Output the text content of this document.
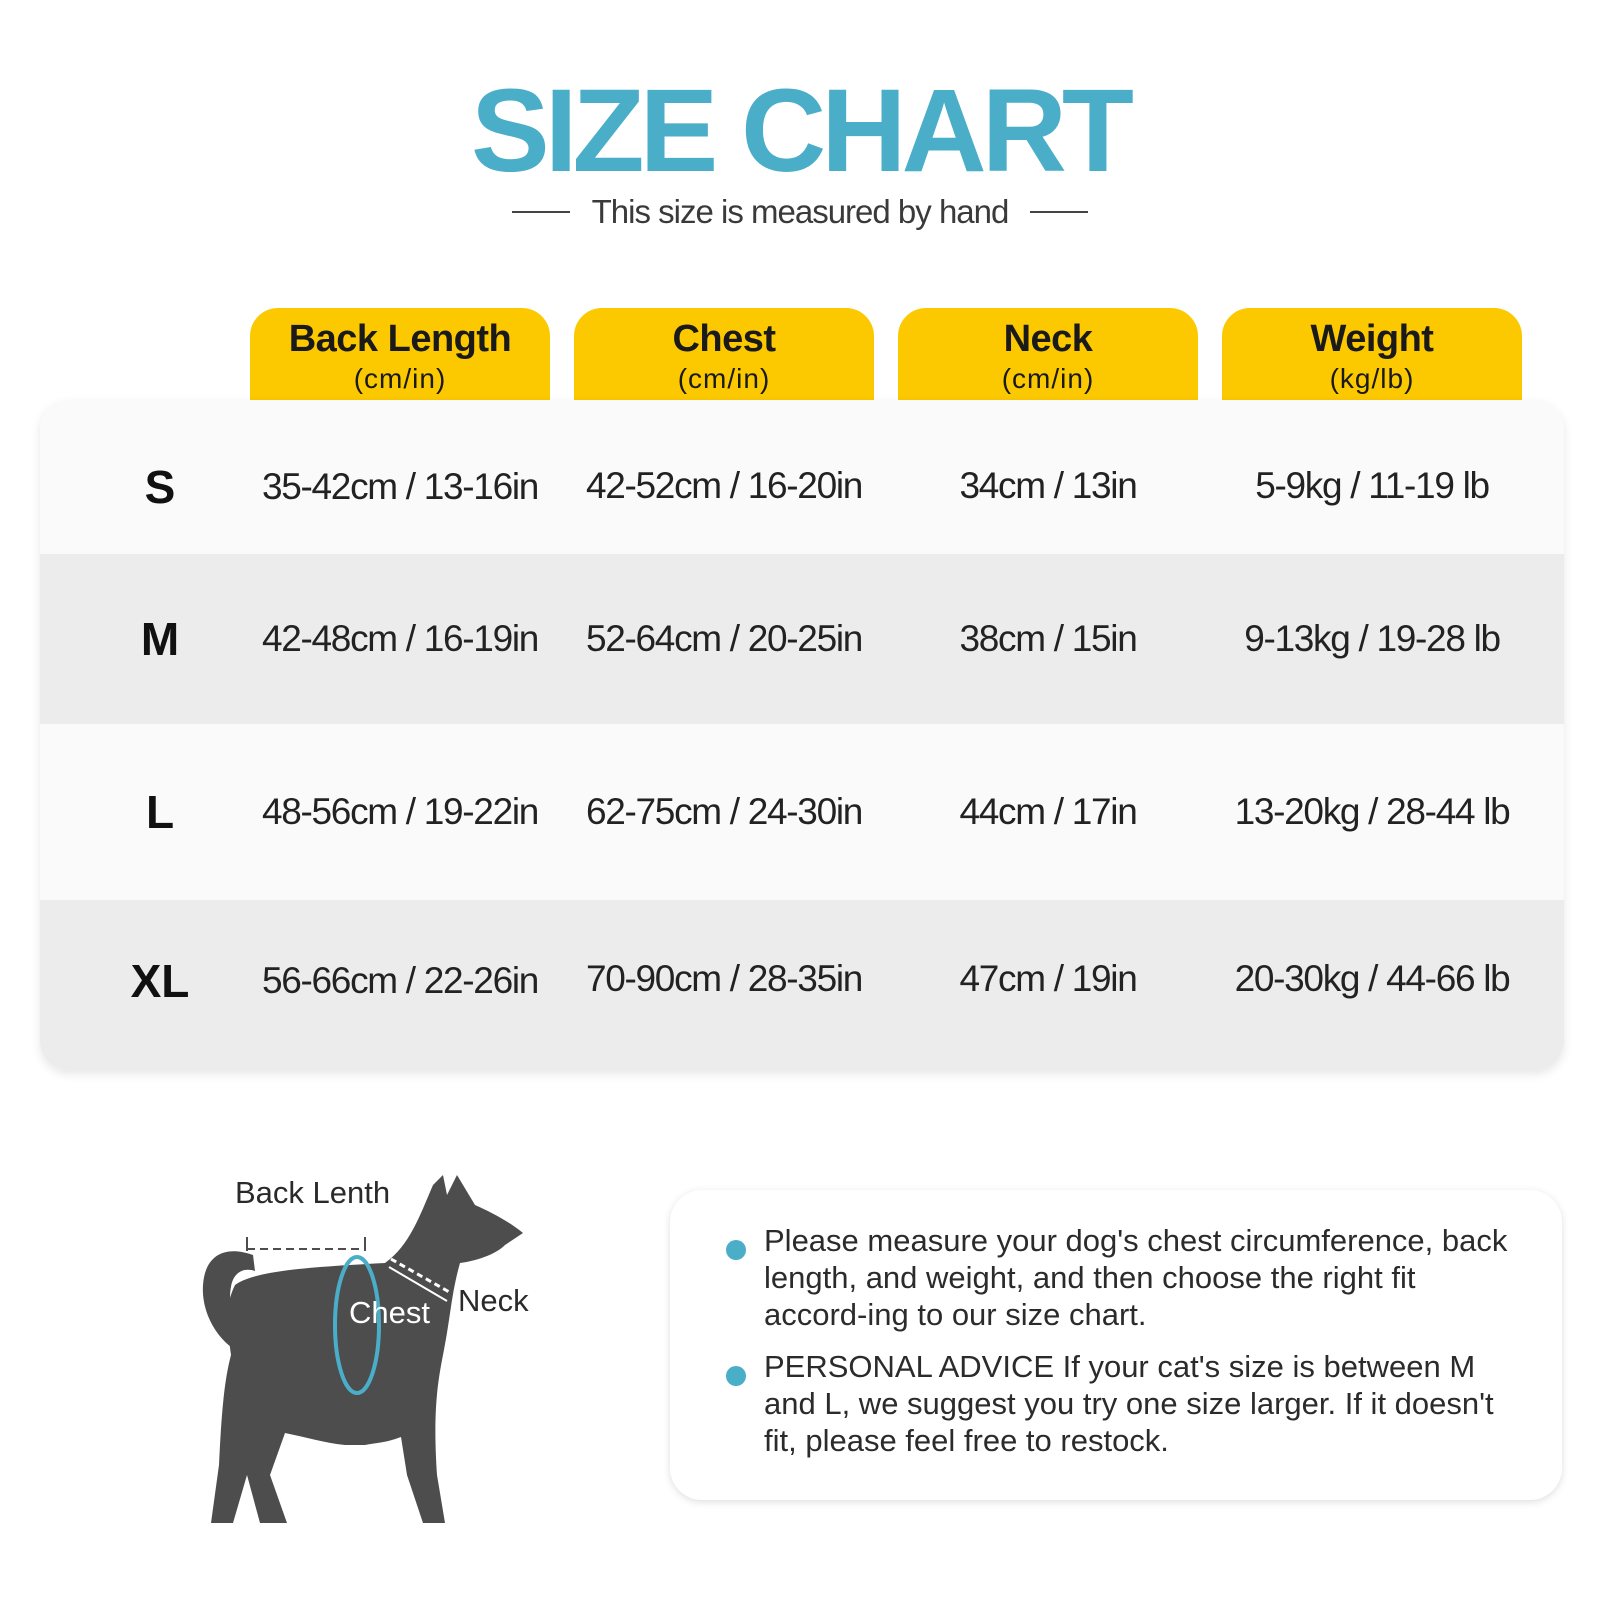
SIZE CHART
This size is measured by hand
Back Length
(cm/in)
Chest
(cm/in)
Neck
(cm/in)
Weight
(kg/lb)
S	35-42cm / 13-16in	42-52cm / 16-20in	34cm / 13in	5-9kg / 11-19 lb
M	42-48cm / 16-19in	52-64cm / 20-25in	38cm / 15in	9-13kg / 19-28 lb
L	48-56cm / 19-22in	62-75cm / 24-30in	44cm / 17in	13-20kg / 28-44 lb
XL	56-66cm / 22-26in	70-90cm / 28-35in	47cm / 19in	20-30kg / 44-66 lb
Back Lenth
Chest Neck
Please measure your dog's chest circumference, back length, and weight, and then choose the right fit accord-ing to our size chart.
PERSONAL ADVICE If your cat's size is between M and L, we suggest you try one size larger. If it doesn't fit, please feel free to restock.
